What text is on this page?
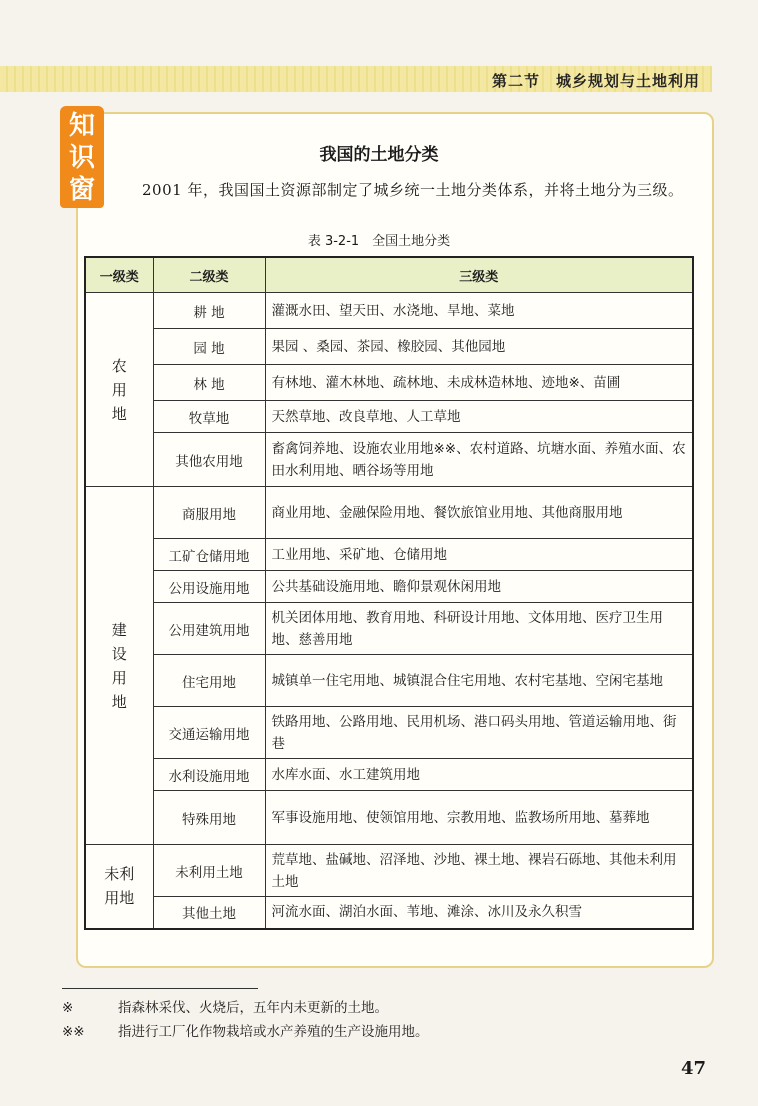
第二节　城乡规划与土地利用
知
识
窗
我国的土地分类
2001 年，我国国土资源部制定了城乡统一土地分类体系，并将土地分为三级。
表 3-2-1　全国土地分类
一级类	二级类	三级类

农
用
地	耕 地	灌溉水田、望天田、水浇地、旱地、菜地
	园 地	果园 、桑园、茶园、橡胶园、其他园地
	林 地	有林地、灌木林地、疏林地、未成林造林地、迹地※、苗圃
	牧草地	天然草地、改良草地、人工草地
	其他农用地	畜禽饲养地、设施农业用地※※、农村道路、坑塘水面、养殖水面、农田水利用地、晒谷场等用地

建
设
用
地	商服用地	商业用地、金融保险用地、餐饮旅馆业用地、其他商服用地
	工矿仓储用地	工业用地、采矿地、仓储用地
	公用设施用地	公共基础设施用地、瞻仰景观休闲用地
	公用建筑用地	机关团体用地、教育用地、科研设计用地、文体用地、医疗卫生用地、慈善用地
	住宅用地	城镇单一住宅用地、城镇混合住宅用地、农村宅基地、空闲宅基地
	交通运输用地	铁路用地、公路用地、民用机场、港口码头用地、管道运输用地、街巷
	水利设施用地	水库水面、水工建筑用地
	特殊用地	军事设施用地、使领馆用地、宗教用地、监教场所用地、墓葬地

未利
用地	未利用土地	荒草地、盐碱地、沼泽地、沙地、裸土地、裸岩石砾地、其他未利用土地
	其他土地	河流水面、湖泊水面、苇地、滩涂、冰川及永久积雪
※	指森林采伐、火烧后，五年内未更新的土地。
※※ 指进行工厂化作物栽培或水产养殖的生产设施用地。
47
